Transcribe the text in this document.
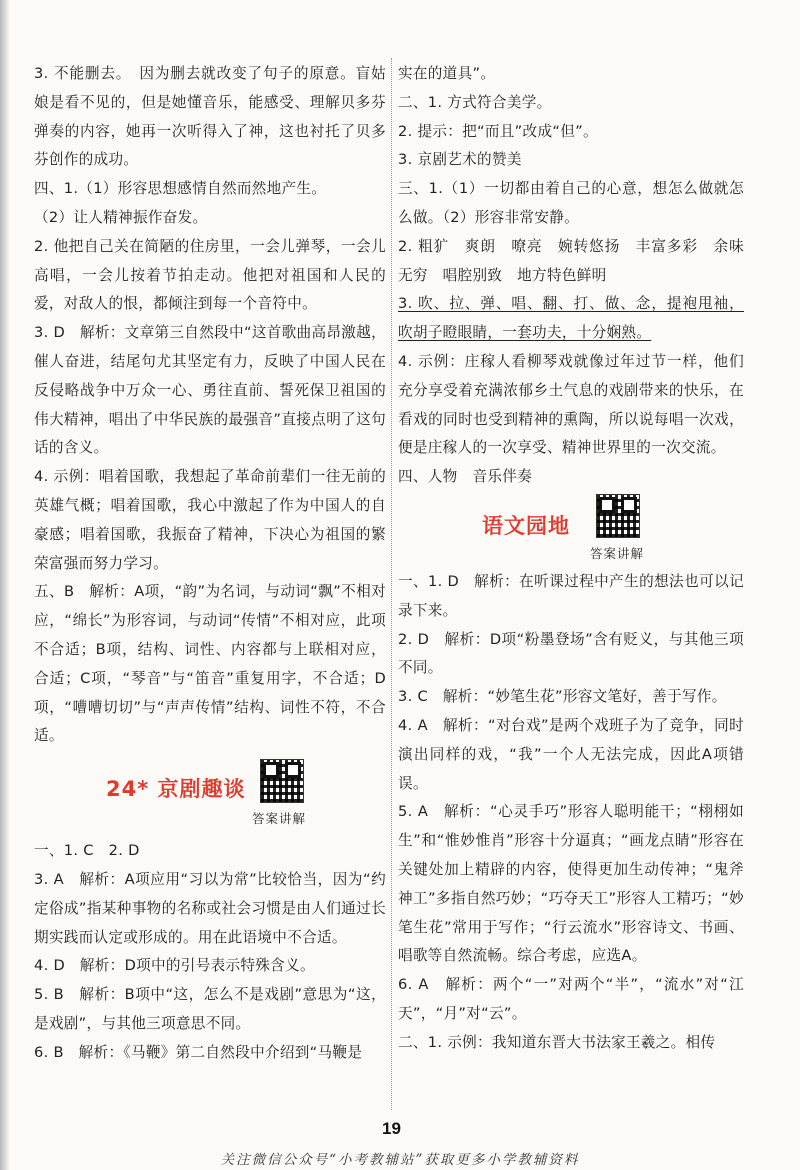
3. 不能删去。　因为删去就改变了句子的原意。盲姑娘是看不见的，但是她懂音乐，能感受、理解贝多芬弹奏的内容，她再一次听得入了神，这也衬托了贝多芬创作的成功。

四、1.（1）形容思想感情自然而然地产生。

（2）让人精神振作奋发。

2. 他把自己关在简陋的住房里，一会儿弹琴，一会儿高唱，一会儿按着节拍走动。他把对祖国和人民的爱，对敌人的恨，都倾注到每一个音符中。

3. D　解析：文章第三自然段中“这首歌曲高昂激越，催人奋进，结尾句尤其坚定有力，反映了中国人民在反侵略战争中万众一心、勇往直前、誓死保卫祖国的伟大精神，唱出了中华民族的最强音”直接点明了这句话的含义。

4. 示例：唱着国歌，我想起了革命前辈们一往无前的英雄气概；唱着国歌，我心中激起了作为中国人的自豪感；唱着国歌，我振奋了精神，下决心为祖国的繁荣富强而努力学习。

五、B　解析：A项，“韵”为名词，与动词“飘”不相对应，“绵长”为形容词，与动词“传情”不相对应，此项不合适；B项，结构、词性、内容都与上联相对应，合适；C项，“琴音”与“笛音”重复用字，不合适；D项，“嘈嘈切切”与“声声传情”结构、词性不符，不合适。

24* 京剧趣谈
答案讲解

一、1. C　2. D

3. A　解析：A项应用“习以为常”比较恰当，因为“约定俗成”指某种事物的名称或社会习惯是由人们通过长期实践而认定或形成的。用在此语境中不合适。

4. D　解析：D项中的引号表示特殊含义。

5. B　解析：B项中“这，怎么不是戏剧”意思为“这，是戏剧”，与其他三项意思不同。

6. B　解析：《马鞭》第二自然段中介绍到“马鞭是

实在的道具”。

二、1. 方式符合美学。

2. 提示：把“而且”改成“但”。

3. 京剧艺术的赞美

三、1.（1）一切都由着自己的心意，想怎么做就怎么做。（2）形容非常安静。

2. 粗犷　爽朗　嘹亮　婉转悠扬　丰富多彩　余味无穷　唱腔别致　地方特色鲜明

3. 吹、拉、弹、唱、翻、打、做、念，提袍甩袖，吹胡子瞪眼睛，一套功夫，十分娴熟。

4. 示例：庄稼人看柳琴戏就像过年过节一样，他们充分享受着充满浓郁乡土气息的戏剧带来的快乐，在看戏的同时也受到精神的熏陶，所以说每唱一次戏，便是庄稼人的一次享受、精神世界里的一次交流。

四、人物　音乐伴奏

语文园地
答案讲解

一、1. D　解析：在听课过程中产生的想法也可以记录下来。

2. D　解析：D项“粉墨登场”含有贬义，与其他三项不同。

3. C　解析：“妙笔生花”形容文笔好，善于写作。

4. A　解析：“对台戏”是两个戏班子为了竞争，同时演出同样的戏，“我”一个人无法完成，因此A项错误。

5. A　解析：“心灵手巧”形容人聪明能干；“栩栩如生”和“惟妙惟肖”形容十分逼真；“画龙点睛”形容在关键处加上精辟的内容，使得更加生动传神；“鬼斧神工”多指自然巧妙；“巧夺天工”形容人工精巧；“妙笔生花”常用于写作；“行云流水”形容诗文、书画、唱歌等自然流畅。综合考虑，应选A。

6. A　解析：两个“一”对两个“半”，“流水”对“江天”，“月”对“云”。

二、1. 示例：我知道东晋大书法家王羲之。相传

19
关注微信公众号“小考教辅站”获取更多小学教辅资料
